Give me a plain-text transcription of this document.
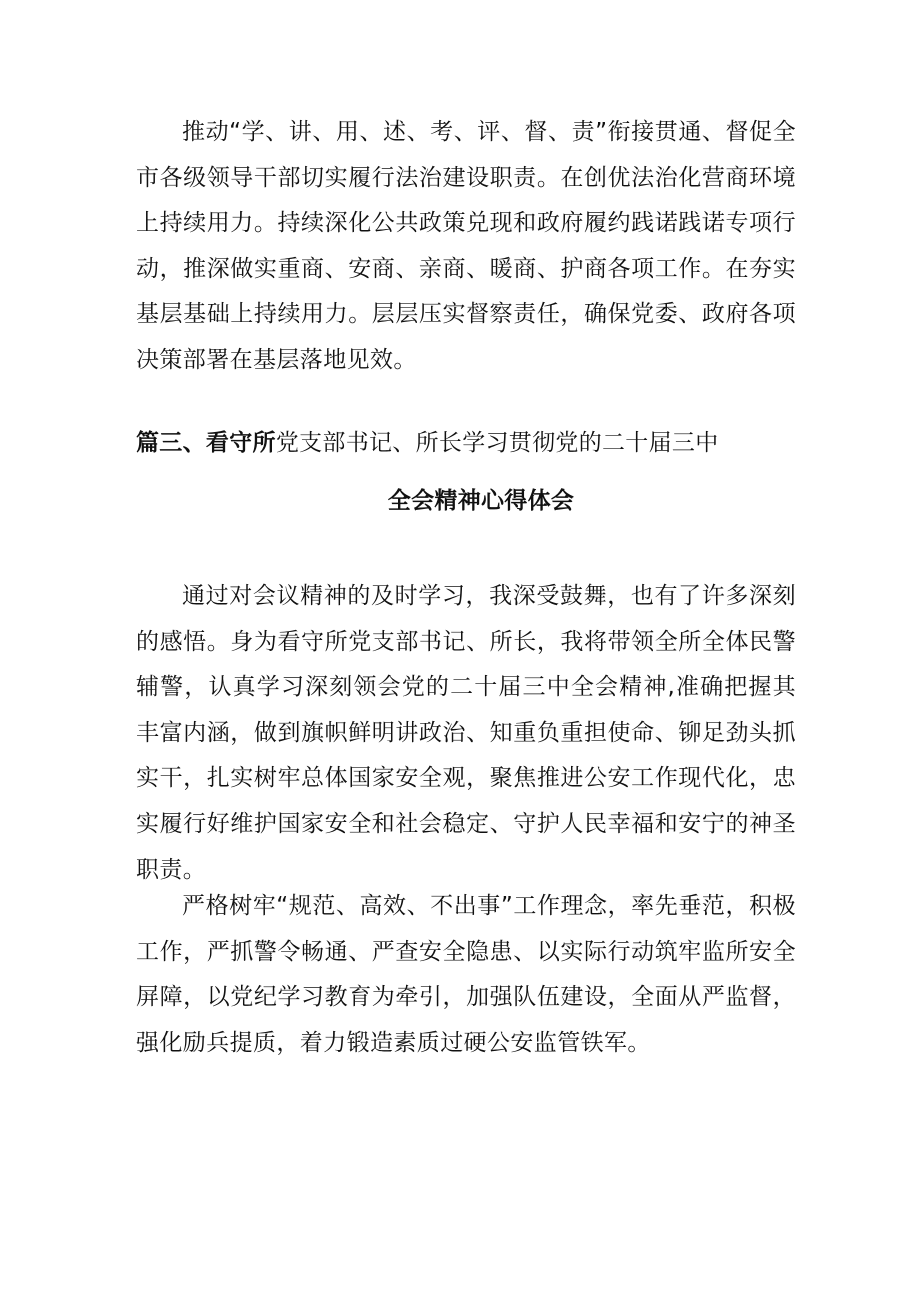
推动“学、讲、用、述、考、评、督、责”衔接贯通、督促全市各级领导干部切实履行法治建设职责。在创优法治化营商环境上持续用力。持续深化公共政策兑现和政府履约践诺践诺专项行动，推深做实重商、安商、亲商、暖商、护商各项工作。在夯实基层基础上持续用力。层层压实督察责任，确保党委、政府各项决策部署在基层落地见效。

篇三、看守所党支部书记、所长学习贯彻党的二十届三中

全会精神心得体会

通过对会议精神的及时学习，我深受鼓舞，也有了许多深刻的感悟。身为看守所党支部书记、所长，我将带领全所全体民警辅警，认真学习深刻领会党的二十届三中全会精神,准确把握其丰富内涵，做到旗帜鲜明讲政治、知重负重担使命、铆足劲头抓实干，扎实树牢总体国家安全观，聚焦推进公安工作现代化，忠实履行好维护国家安全和社会稳定、守护人民幸福和安宁的神圣职责。

严格树牢“规范、高效、不出事”工作理念，率先垂范，积极工作，严抓警令畅通、严查安全隐患、以实际行动筑牢监所安全屏障，以党纪学习教育为牵引，加强队伍建设，全面从严监督，强化励兵提质，着力锻造素质过硬公安监管铁军。
